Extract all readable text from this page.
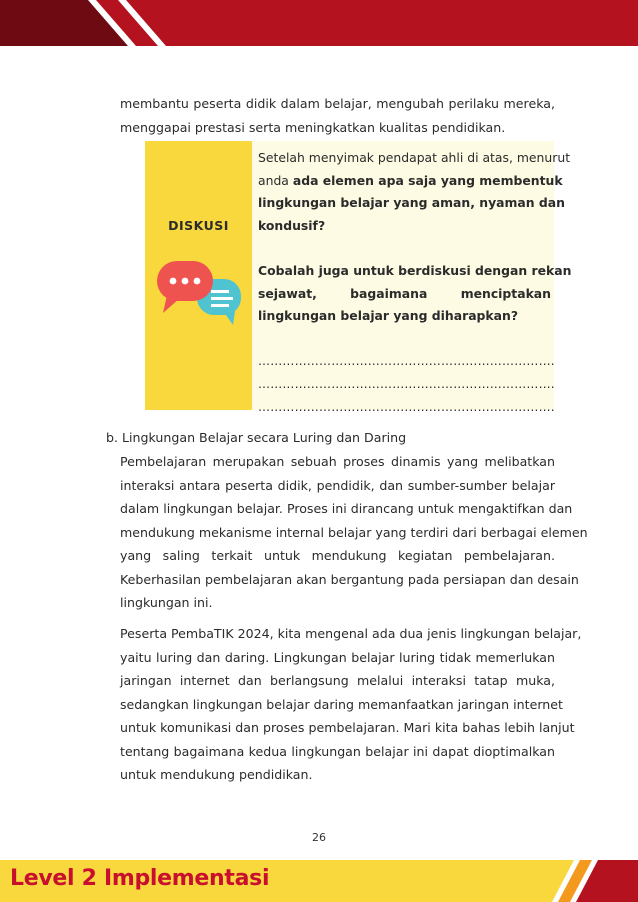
membantu peserta didik dalam belajar, mengubah perilaku mereka,
menggapai prestasi serta meningkatkan kualitas pendidikan.
DISKUSI
Setelah menyimak pendapat ahli di atas, menurut
anda ada elemen apa saja yang membentuk
lingkungan belajar yang aman, nyaman dan
kondusif?

Cobalah juga untuk berdiskusi dengan rekan
sejawat,	bagaimana	menciptakan
lingkungan belajar yang diharapkan?

……………………………………………………………….
……………………………………………………………….
……………………………………………………………….
b. Lingkungan Belajar secara Luring dan Daring
Pembelajaran merupakan sebuah proses dinamis yang melibatkan
interaksi antara peserta didik, pendidik, dan sumber-sumber belajar
dalam lingkungan belajar. Proses ini dirancang untuk mengaktifkan dan
mendukung mekanisme internal belajar yang terdiri dari berbagai elemen
yang saling terkait untuk mendukung kegiatan pembelajaran.
Keberhasilan pembelajaran akan bergantung pada persiapan dan desain
lingkungan ini.
Peserta PembaTIK 2024, kita mengenal ada dua jenis lingkungan belajar,
yaitu luring dan daring. Lingkungan belajar luring tidak memerlukan
jaringan internet dan berlangsung melalui interaksi tatap muka,
sedangkan lingkungan belajar daring memanfaatkan jaringan internet
untuk komunikasi dan proses pembelajaran. Mari kita bahas lebih lanjut
tentang bagaimana kedua lingkungan belajar ini dapat dioptimalkan
untuk mendukung pendidikan.
26
Level 2 Implementasi
